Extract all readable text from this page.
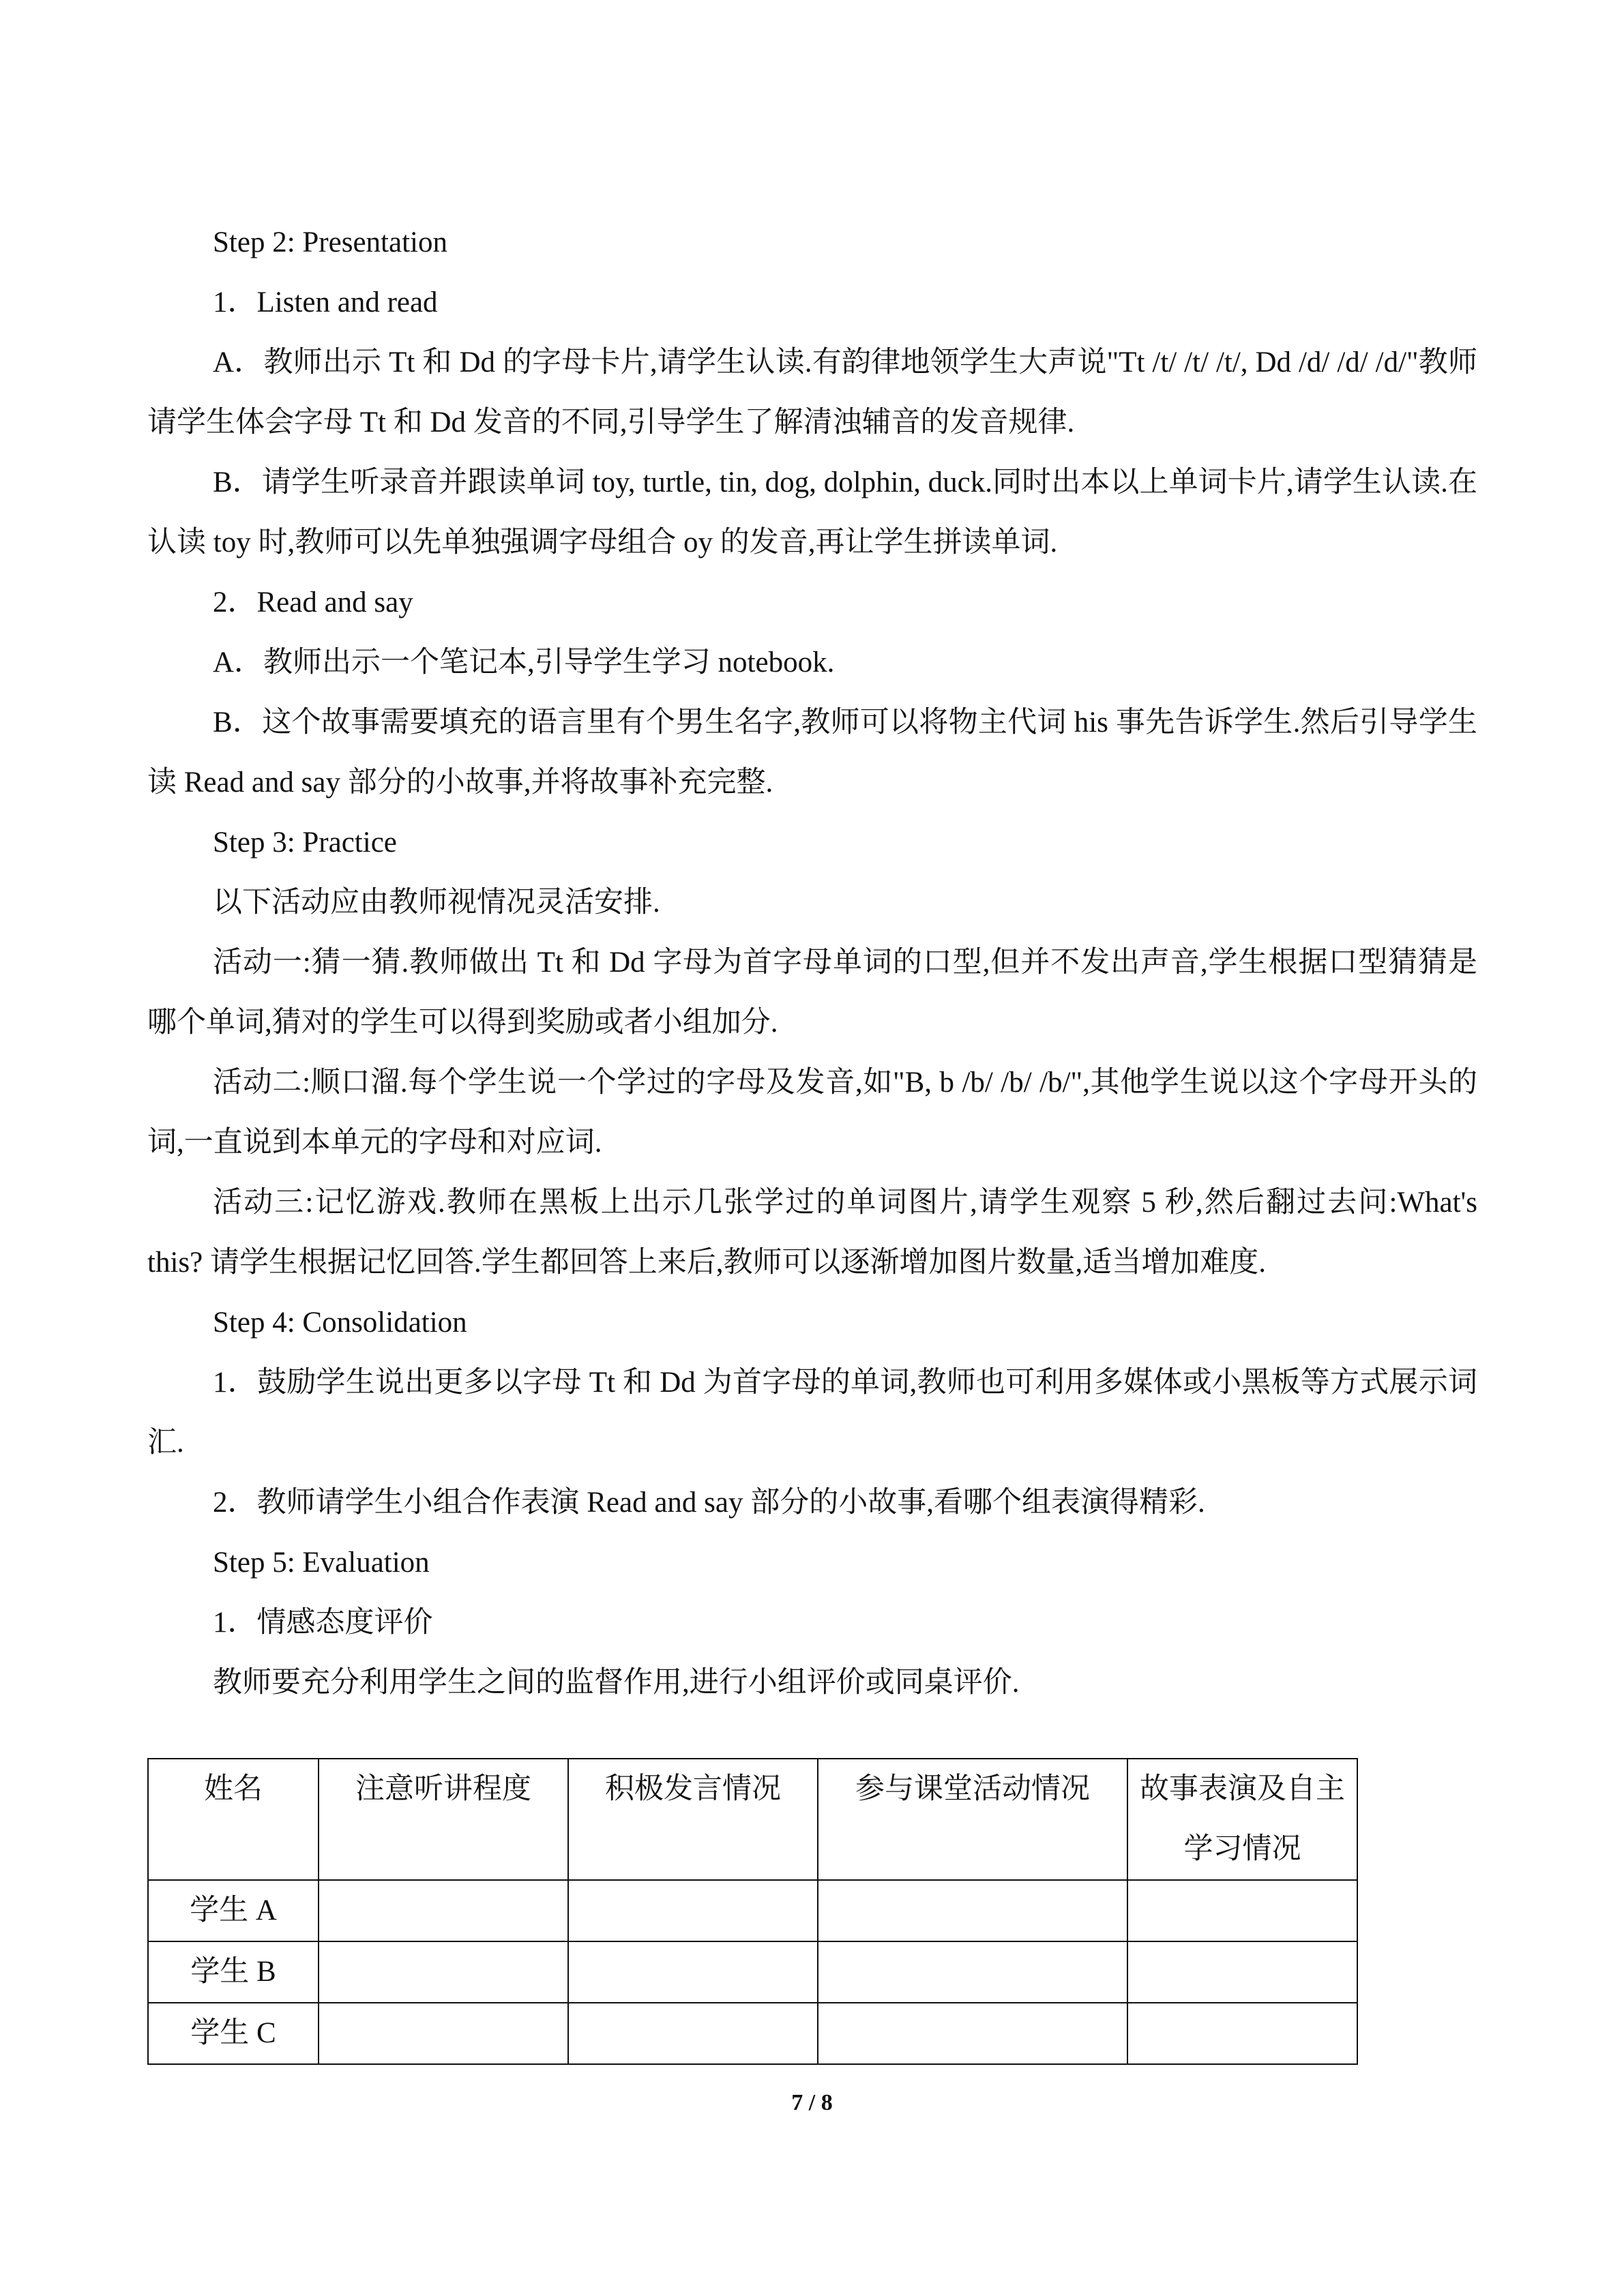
Step 2: Presentation

1．Listen and read

A．教师出示 Tt 和 Dd 的字母卡片,请学生认读.有韵律地领学生大声说"Tt /t/ /t/ /t/, Dd /d/ /d/ /d/"教师请学生体会字母 Tt 和 Dd 发音的不同,引导学生了解清浊辅音的发音规律.

B．请学生听录音并跟读单词 toy, turtle, tin, dog, dolphin, duck.同时出本以上单词卡片,请学生认读.在认读 toy 时,教师可以先单独强调字母组合 oy 的发音,再让学生拼读单词.

2．Read and say

A．教师出示一个笔记本,引导学生学习 notebook.

B．这个故事需要填充的语言里有个男生名字,教师可以将物主代词 his 事先告诉学生.然后引导学生读 Read and say 部分的小故事,并将故事补充完整.

Step 3: Practice

以下活动应由教师视情况灵活安排.

活动一:猜一猜.教师做出 Tt 和 Dd 字母为首字母单词的口型,但并不发出声音,学生根据口型猜猜是哪个单词,猜对的学生可以得到奖励或者小组加分.

活动二:顺口溜.每个学生说一个学过的字母及发音,如"B, b /b/ /b/ /b/",其他学生说以这个字母开头的词,一直说到本单元的字母和对应词.

活动三:记忆游戏.教师在黑板上出示几张学过的单词图片,请学生观察 5 秒,然后翻过去问:What's this? 请学生根据记忆回答.学生都回答上来后,教师可以逐渐增加图片数量,适当增加难度.

Step 4: Consolidation

1．鼓励学生说出更多以字母 Tt 和 Dd 为首字母的单词,教师也可利用多媒体或小黑板等方式展示词汇.

2．教师请学生小组合作表演 Read and say 部分的小故事,看哪个组表演得精彩.

Step 5: Evaluation

1．情感态度评价

教师要充分利用学生之间的监督作用,进行小组评价或同桌评价.

姓名	注意听讲程度	积极发言情况	参与课堂活动情况	故事表演及自主学习情况
学生 A				
学生 B				
学生 C				
7 / 8
